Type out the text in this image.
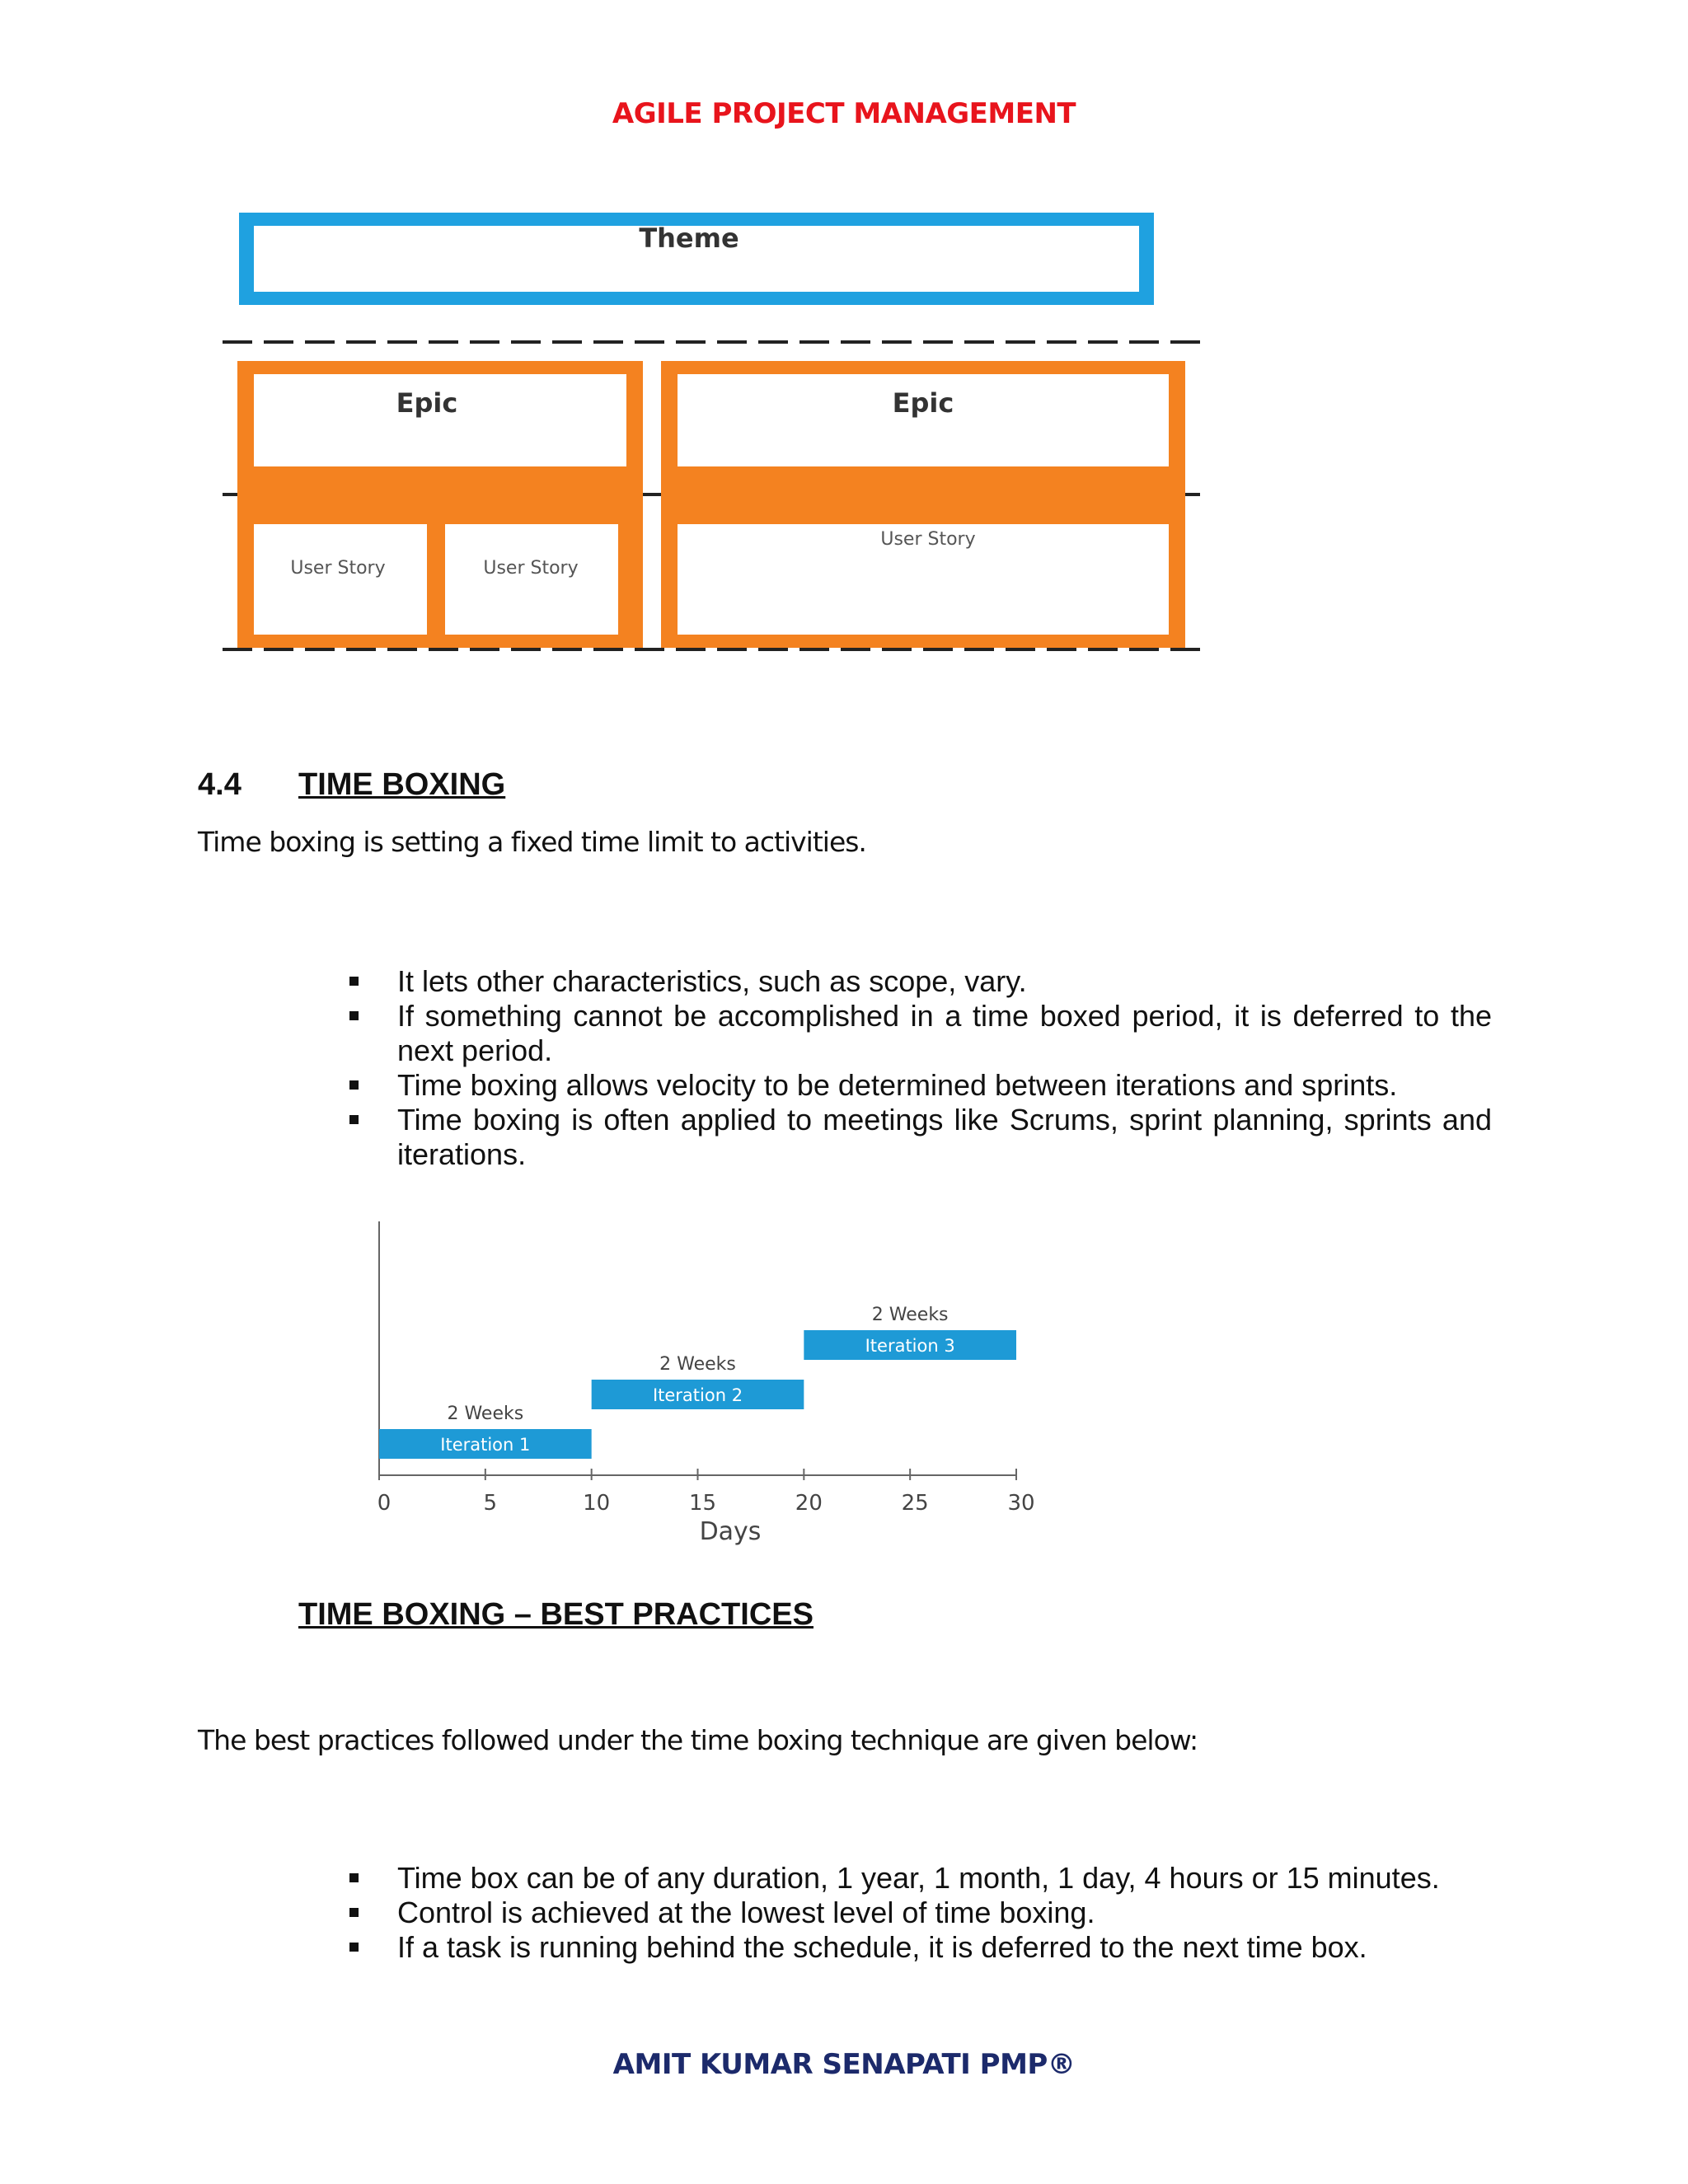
AGILE PROJECT MANAGEMENT
Theme
Epic
User Story	User Story
Epic
User Story
4.4 TIME BOXING
Time boxing is setting a fixed time limit to activities.
It lets other characteristics, such as scope, vary.
If something cannot be accomplished in a time boxed period, it is deferred to the next period.
Time boxing allows velocity to be determined between iterations and sprints.
Time boxing is often applied to meetings like Scrums, sprint planning, sprints and iterations.
0	5	10	15	20	25	30
Iteration 1
2 Weeks
Iteration 2
2 Weeks
Iteration 3
2 Weeks
Days
TIME BOXING – BEST PRACTICES
The best practices followed under the time boxing technique are given below:
Time box can be of any duration, 1 year, 1 month, 1 day, 4 hours or 15 minutes.
Control is achieved at the lowest level of time boxing.
If a task is running behind the schedule, it is deferred to the next time box.
AMIT KUMAR SENAPATI PMP®
